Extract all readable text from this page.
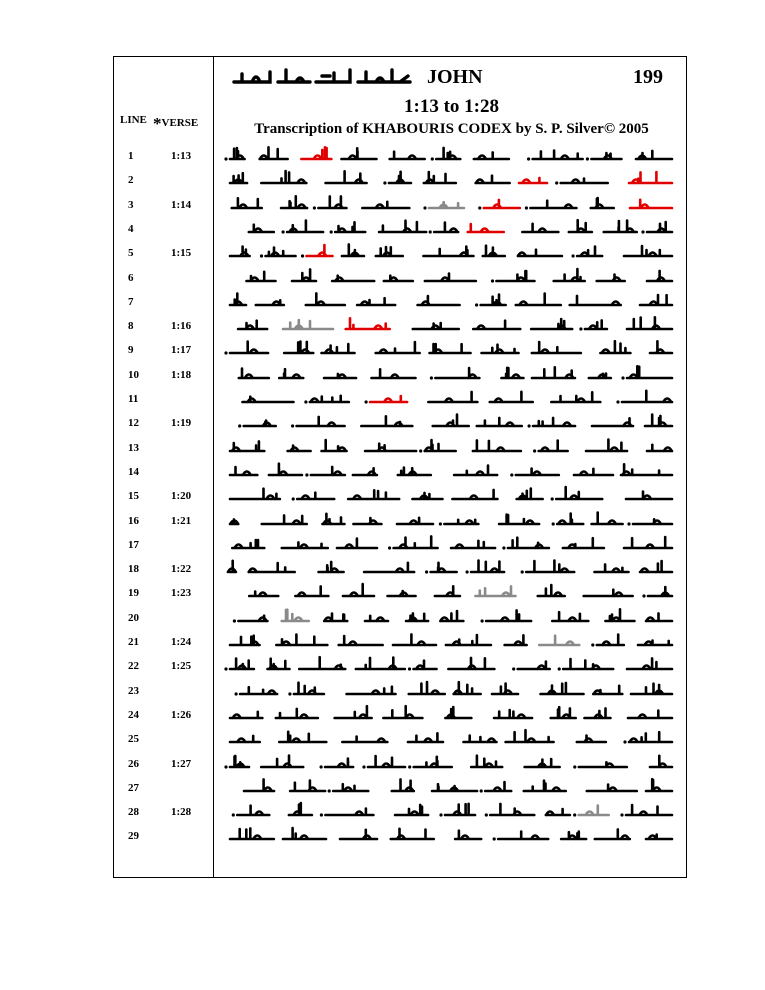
JOHN	199
1:13 to 1:28
Transcription of KHABOURIS CODEX by S. P. Silver© 2005
LINE *VERSE
1	1:13
2
3	1:14
4
5	1:15
6
7
8	1:16
9	1:17
10	1:18
11
12	1:19
13
14
15	1:20
16	1:21
17
18	1:22
19	1:23
20
21	1:24
22	1:25
23
24	1:26
25
26	1:27
27
28	1:28
29
